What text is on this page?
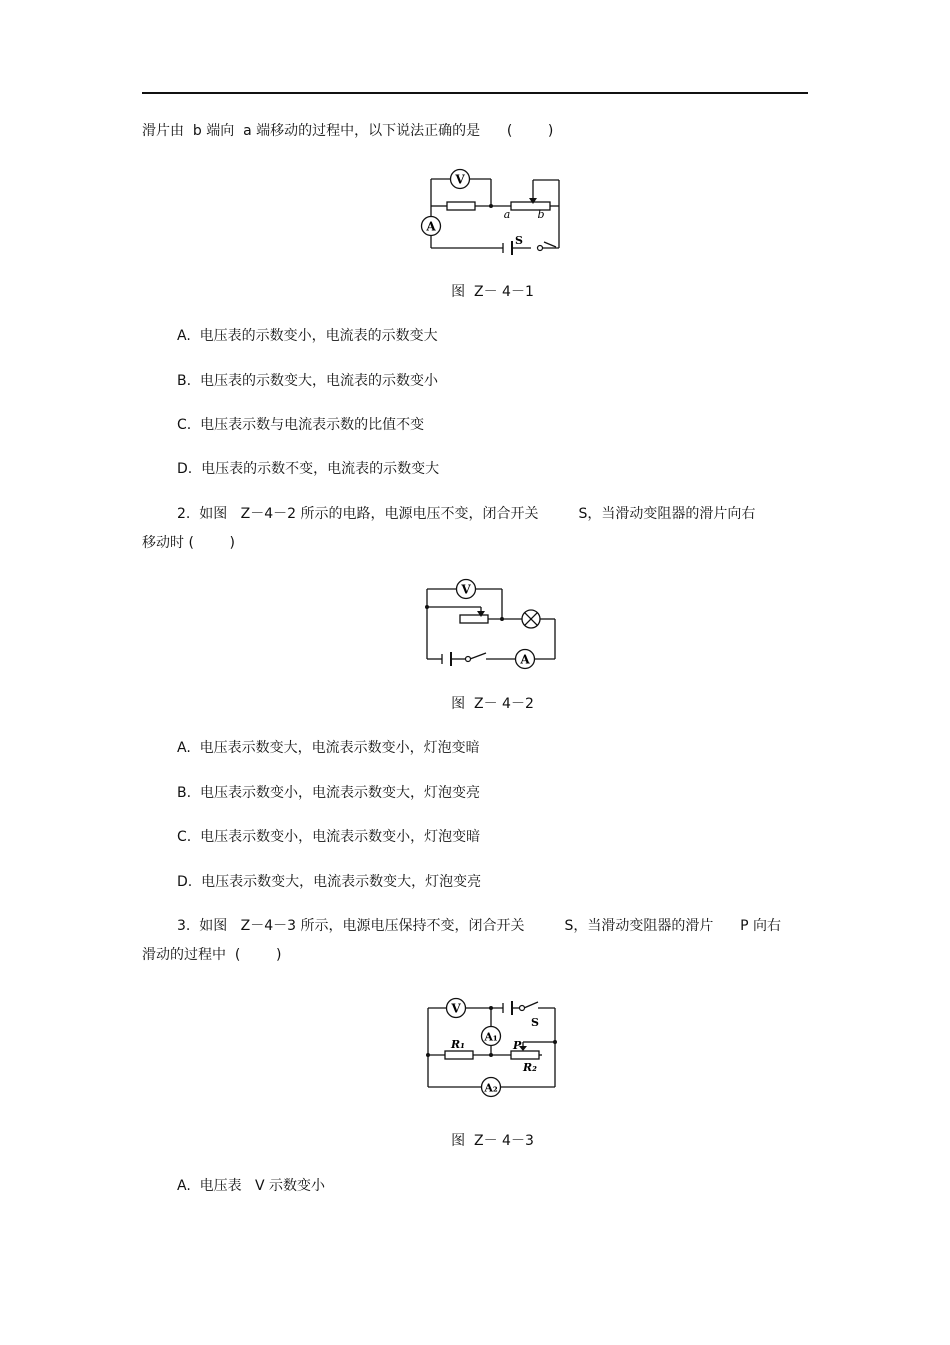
滑片由  b 端向  a 端移动的过程中，以下说法正确的是      (        )
V
A
a b
S
图  Z－ 4－1
A.  电压表的示数变小，电流表的示数变大
B.  电压表的示数变大，电流表的示数变小
C.  电压表示数与电流表示数的比值不变
D.  电压表的示数不变，电流表的示数变大
2.  如图   Z－4－2 所示的电路，电源电压不变，闭合开关         S，当滑动变阻器的滑片向右
移动时 (        )
V
A
图  Z－ 4－2
A.  电压表示数变大，电流表示数变小，灯泡变暗
B.  电压表示数变小，电流表示数变大，灯泡变亮
C.  电压表示数变小，电流表示数变小，灯泡变暗
D.  电压表示数变大，电流表示数变大，灯泡变亮
3.  如图   Z－4－3 所示，电源电压保持不变，闭合开关         S，当滑动变阻器的滑片      P 向右
滑动的过程中  (        )
V
A₁
A₂
S
R₁	P
R₂
图  Z－ 4－3
A.  电压表   V 示数变小
